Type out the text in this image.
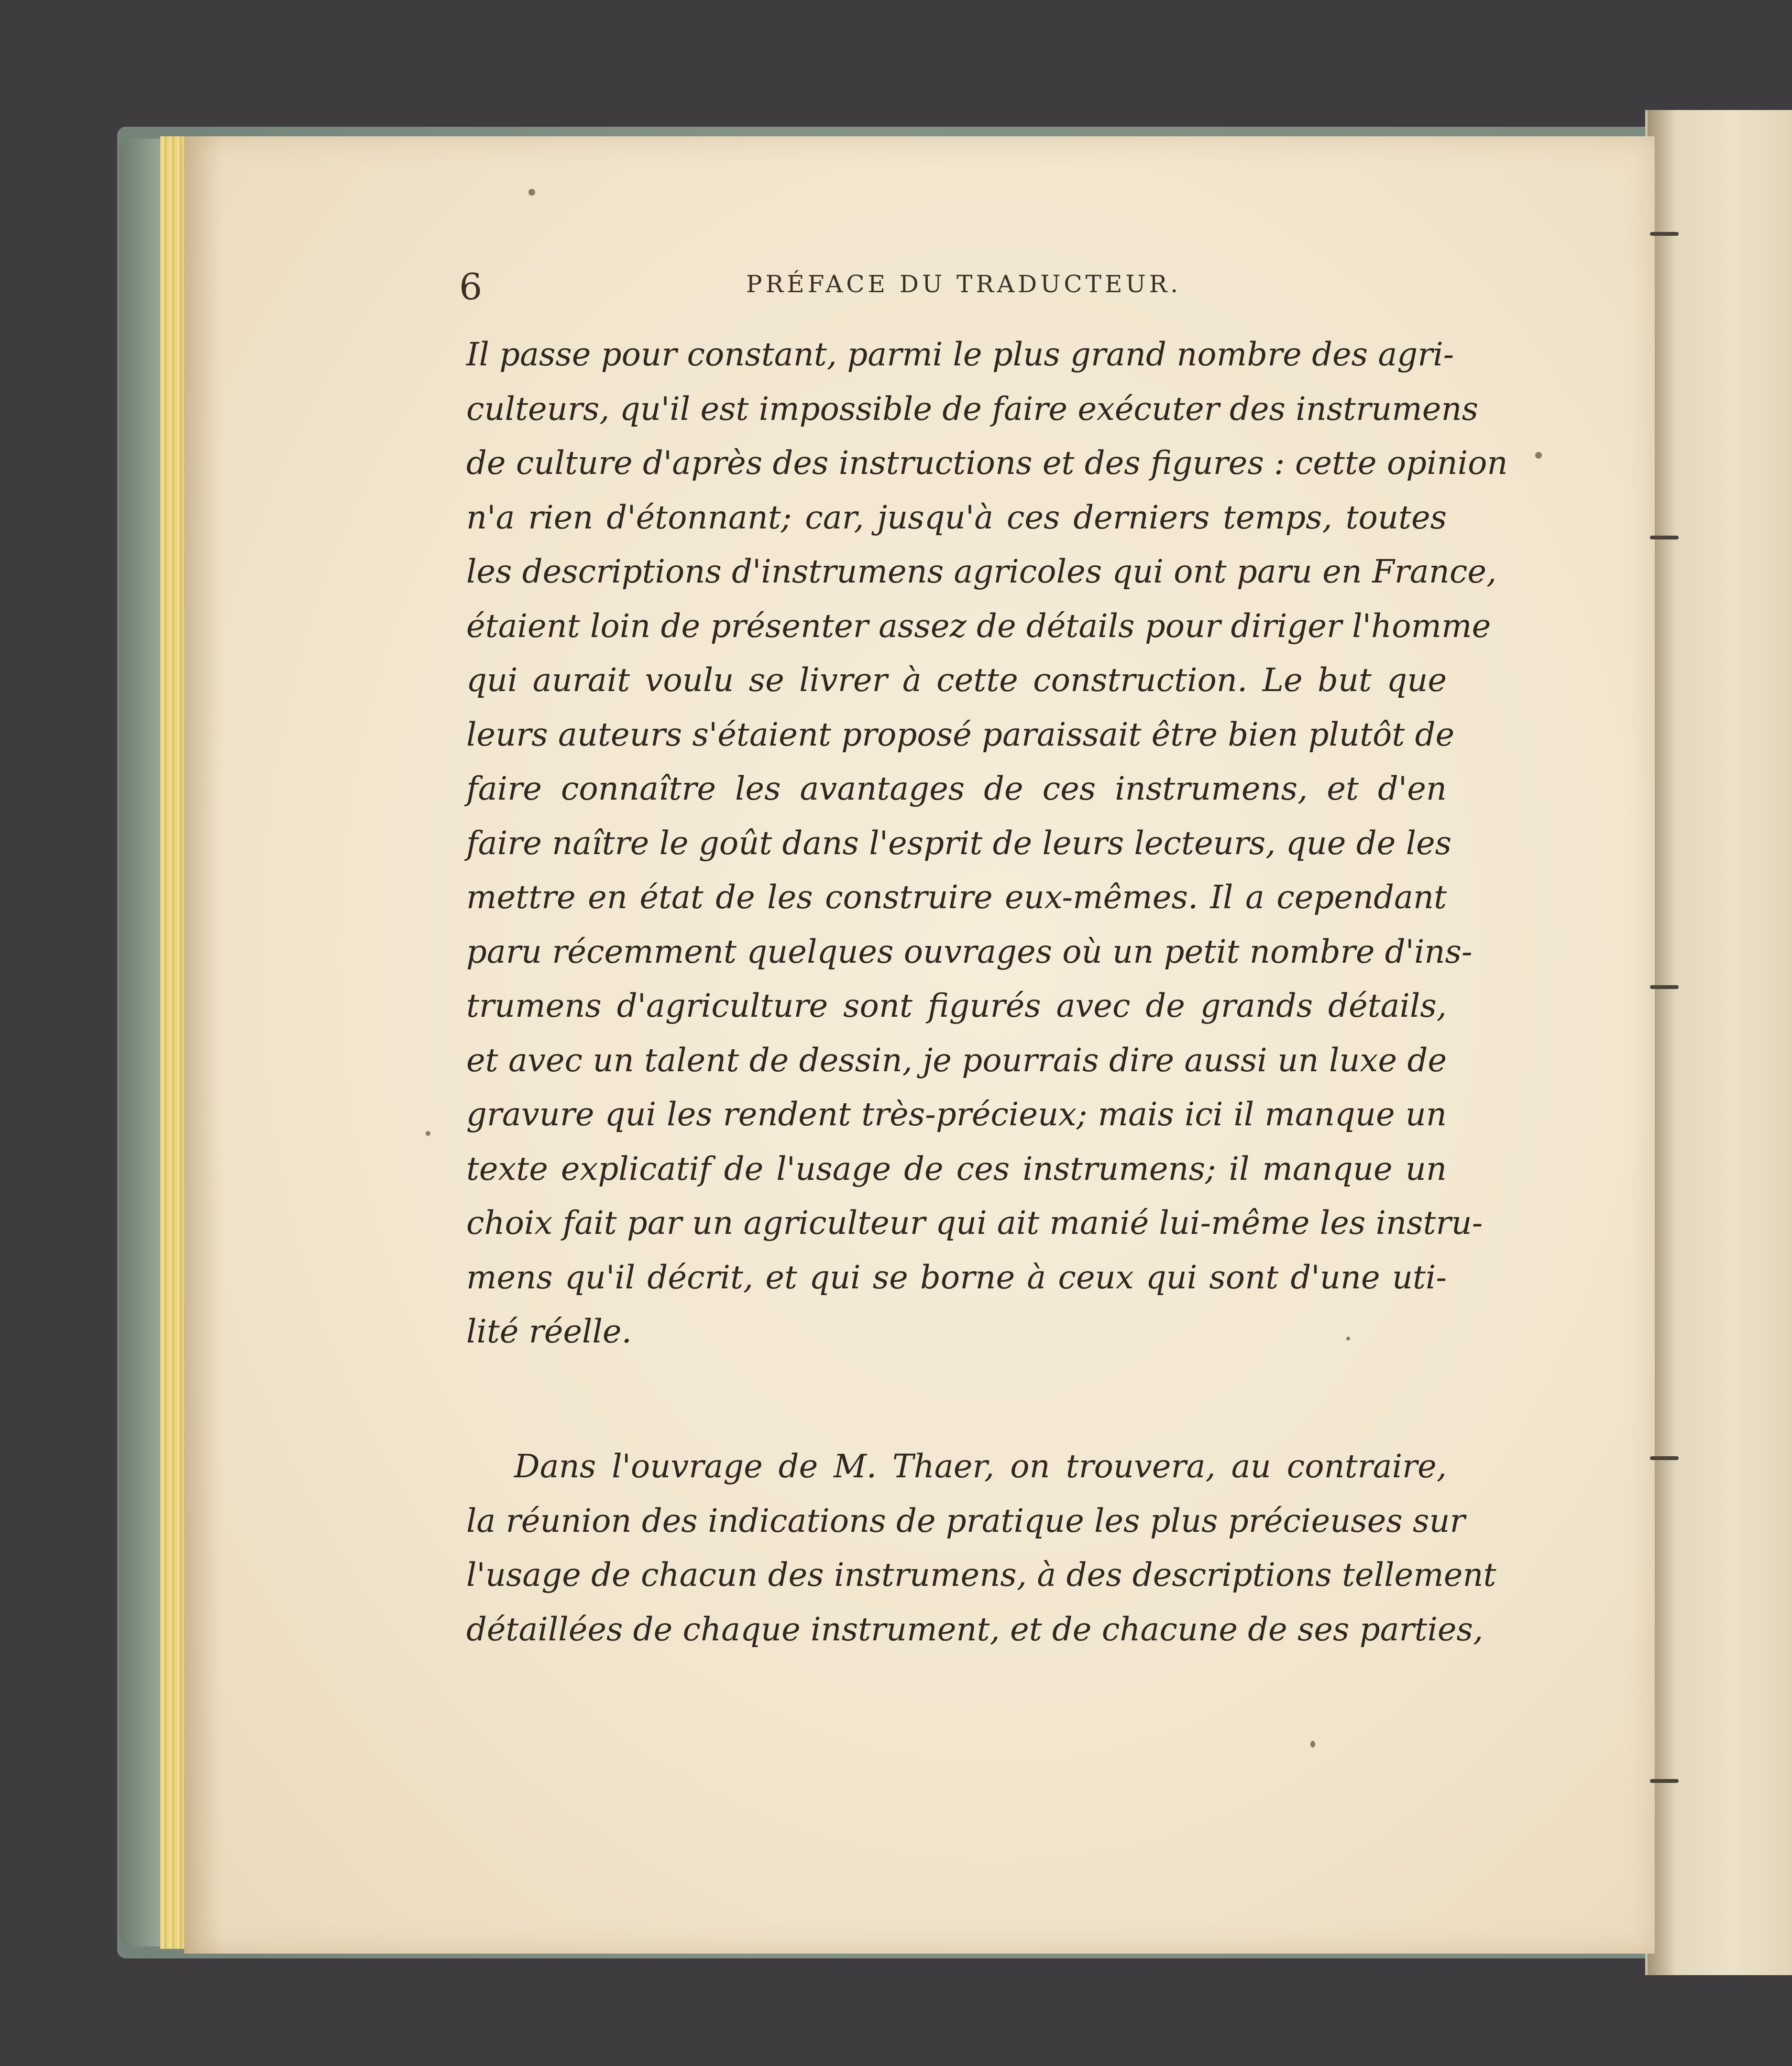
6	PRÉFACE DU TRADUCTEUR.
Il passe pour constant, parmi le plus grand nombre des agri-
culteurs, qu'il est impossible de faire exécuter des instrumens
de culture d'après des instructions et des figures : cette opinion
n'a rien d'étonnant; car, jusqu'à ces derniers temps, toutes
les descriptions d'instrumens agricoles qui ont paru en France,
étaient loin de présenter assez de détails pour diriger l'homme
qui aurait voulu se livrer à cette construction. Le but que
leurs auteurs s'étaient proposé paraissait être bien plutôt de
faire connaître les avantages de ces instrumens, et d'en
faire naître le goût dans l'esprit de leurs lecteurs, que de les
mettre en état de les construire eux-mêmes. Il a cependant
paru récemment quelques ouvrages où un petit nombre d'ins-
trumens d'agriculture sont figurés avec de grands détails,
et avec un talent de dessin, je pourrais dire aussi un luxe de
gravure qui les rendent très-précieux; mais ici il manque un
texte explicatif de l'usage de ces instrumens; il manque un
choix fait par un agriculteur qui ait manié lui-même les instru-
mens qu'il décrit, et qui se borne à ceux qui sont d'une uti-
lité réelle.
Dans l'ouvrage de M. Thaer, on trouvera, au contraire,
la réunion des indications de pratique les plus précieuses sur
l'usage de chacun des instrumens, à des descriptions tellement
détaillées de chaque instrument, et de chacune de ses parties,
